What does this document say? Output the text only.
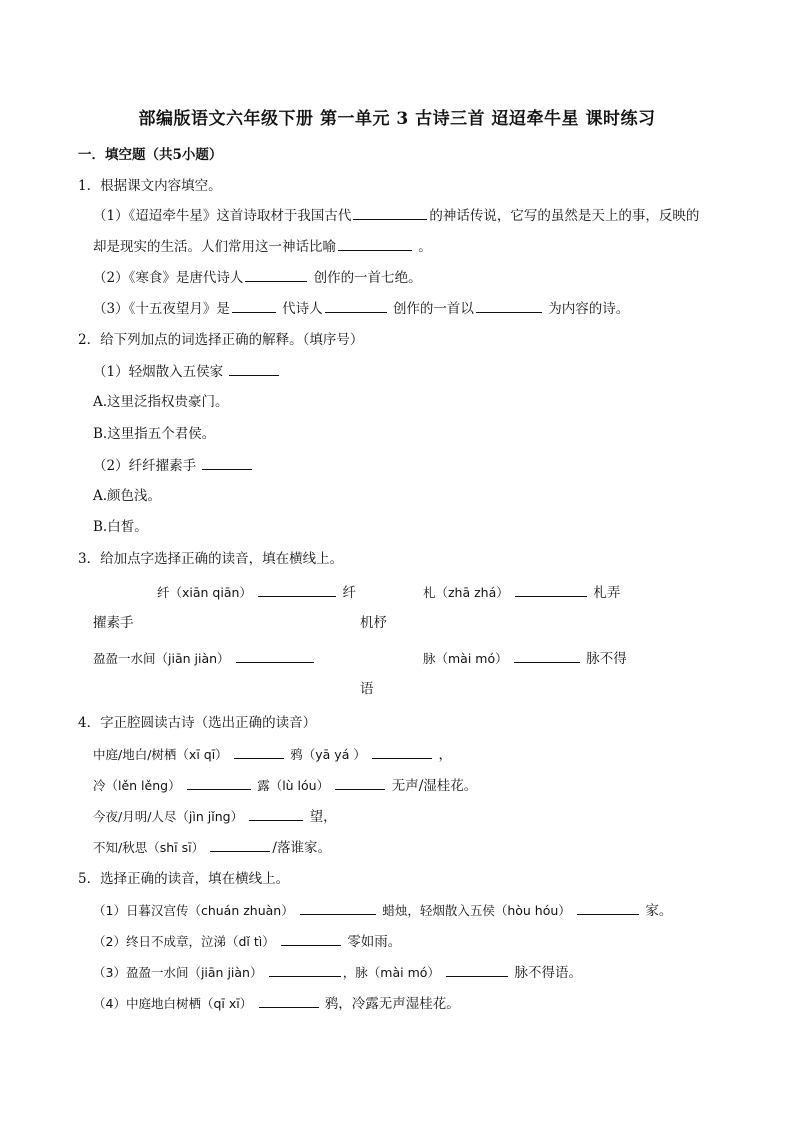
部编版语文六年级下册 第一单元 3 古诗三首 迢迢牵牛星 课时练习
一．填空题（共5小题）
1．根据课文内容填空。
（1）《迢迢牵牛星》这首诗取材于我国古代	的神话传说，它写的虽然是天上的事，反映的
却是现实的生活。人们常用这一神话比喻	。
（2）《寒食》是唐代诗人	创作的一首七绝。
（3）《十五夜望月》是	代诗人	创作的一首以	为内容的诗。
2．给下列加点的词选择正确的解释。（填序号）
（1）轻烟散入五侯家
A.这里泛指权贵豪门。
B.这里指五个君侯。
（2）纤纤擢素手
A.颜色浅。
B.白皙。
3．给加点字选择正确的读音，填在横线上。
纤（xiān qiān）	纤	札（zhā zhá）	札弄
擢素手	机杼
盈盈一水间（jiān jiàn）	脉（mài mó）	脉不得
语
4．字正腔圆读古诗（选出正确的读音）
中庭/地白/树栖（xī qī）	鸦（yā yá ）	，
冷（lěn lěng）	露（lù lóu）	无声/湿桂花。
今夜/月明/人尽（jìn jǐng）	望，
不知/秋思（shī sī）	/落谁家。
5．选择正确的读音，填在横线上。
（1）日暮汉宫传（chuán zhuàn）	蜡烛，轻烟散入五侯（hòu hóu）	家。
（2）终日不成章，泣涕（dǐ tì）	零如雨。
（3）盈盈一水间（jiān jiàn）	，脉（mài mó）	脉不得语。
（4）中庭地白树栖（qī xī）	鸦，冷露无声湿桂花。
